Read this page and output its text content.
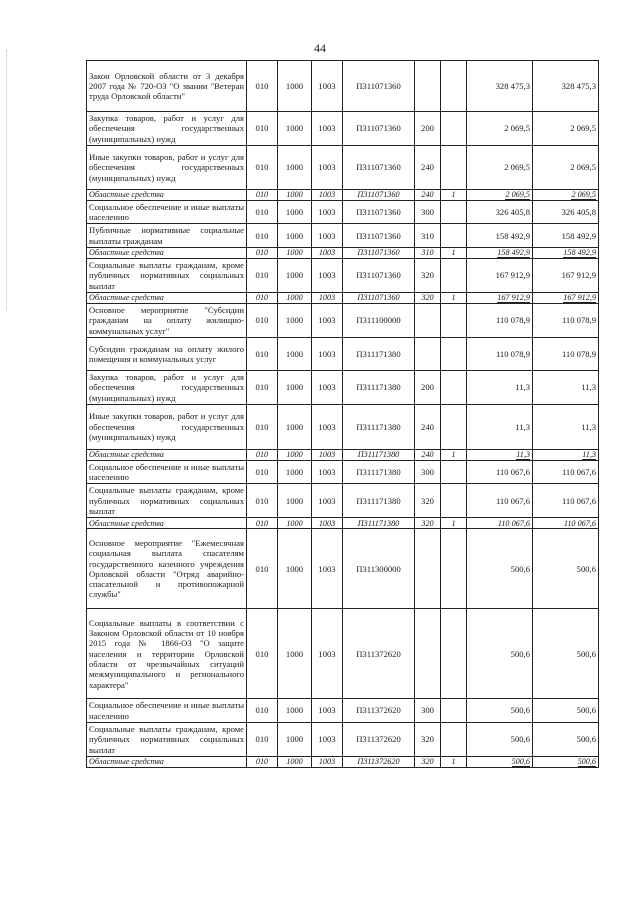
44
Закон Орловской области от 3 декабря 2007 года № 720-ОЗ "О звании "Ветеран труда Орловской области"	010	1000	1003	П311071360			328 475,3	328 475,3
Закупка товаров, работ и услуг для обеспечения государственных (муниципальных) нужд	010	1000	1003	П311071360	200		2 069,5	2 069,5
Иные закупки товаров, работ и услуг для обеспечения государственных (муниципальных) нужд	010	1000	1003	П311071360	240		2 069,5	2 069,5
Областные средства	010	1000	1003	П311071360	240	1	2 069,5	2 069,5
Социальное обеспечение и иные выплаты населению	010	1000	1003	П311071360	300		326 405,8	326 405,8
Публичные нормативные социальные выплаты гражданам	010	1000	1003	П311071360	310		158 492,9	158 492,9
Областные средства	010	1000	1003	П311071360	310	1	158 492,9	158 492,9
Социальные выплаты гражданам, кроме публичных нормативных социальных выплат	010	1000	1003	П311071360	320		167 912,9	167 912,9
Областные средства	010	1000	1003	П311071360	320	1	167 912,9	167 912,9
Основное мероприятие "Субсидии гражданам на оплату жилищно-коммунальных услуг"	010	1000	1003	П311100000			110 078,9	110 078,9
Субсидии гражданам на оплату жилого помещения и коммунальных услуг	010	1000	1003	П311171380			110 078,9	110 078,9
Закупка товаров, работ и услуг для обеспечения государственных (муниципальных) нужд	010	1000	1003	П311171380	200		11,3	11,3
Иные закупки товаров, работ и услуг для обеспечения государственных (муниципальных) нужд	010	1000	1003	П311171380	240		11,3	11,3
Областные средства	010	1000	1003	П311171380	240	1	11,3	11,3
Социальное обеспечение и иные выплаты населению	010	1000	1003	П311171380	300		110 067,6	110 067,6
Социальные выплаты гражданам, кроме публичных нормативных социальных выплат	010	1000	1003	П311171380	320		110 067,6	110 067,6
Областные средства	010	1000	1003	П311171380	320	1	110 067,6	110 067,6
Основное мероприятие "Ежемесячная социальная выплата спасателям государственного казенного учреждения Орловской области "Отряд аварийно-спасательной и противопожарной службы"	010	1000	1003	П311300000			500,6	500,6
Социальные выплаты в соответствии с Законом Орловской области от 10 ноября 2015 года № 1866-ОЗ "О защите населения и территории Орловской области от чрезвычайных ситуаций межмуниципального и регионального характера"	010	1000	1003	П311372620			500,6	500,6
Социальное обеспечение и иные выплаты населению	010	1000	1003	П311372620	300		500,6	500,6
Социальные выплаты гражданам, кроме публичных нормативных социальных выплат	010	1000	1003	П311372620	320		500,6	500,6
Областные средства	010	1000	1003	П311372620	320	1	500,6	500,6
